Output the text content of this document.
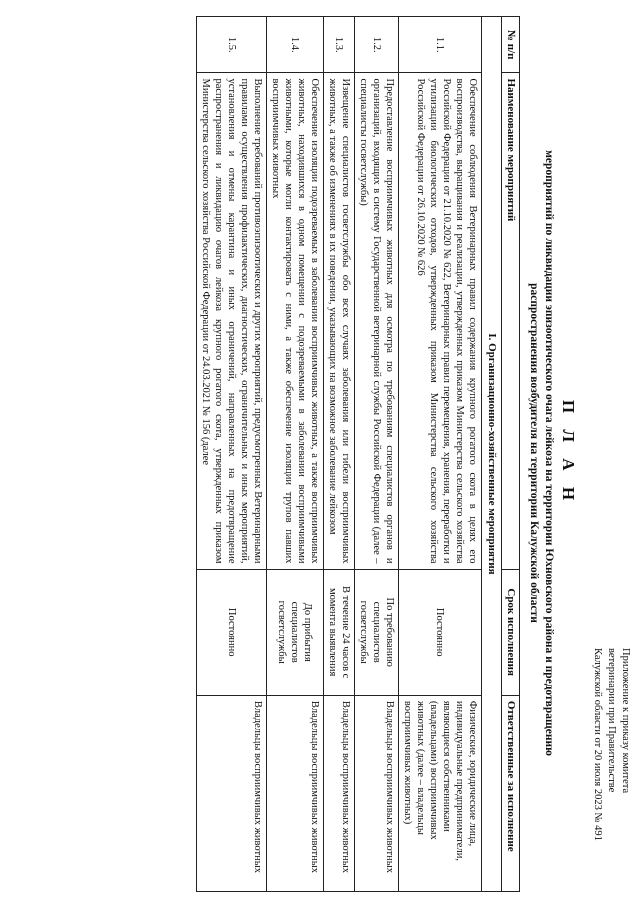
Приложение к приказу комитета
ветеринарии при Правительстве
Калужской области от 20 июля 2023 № 491
П Л А Н
мероприятий по ликвидации эпизоотического очага лейкоза на территории Юхновского района и предотвращению
распространения возбудителя на территории Калужской области
№ п/п	Наименование мероприятий	Срок исполнения	Ответственные за исполнение
I. Организационно-хозяйственные мероприятия			
1.1.	Обеспечение соблюдения Ветеринарных правил содержания крупного рогатого скота в целях его воспроизводства, выращивания и реализации, утвержденных приказом Министерства сельского хозяйства Российской Федерации от 21.10.2020 № 622, Ветеринарных правил перемещения, хранения, переработки и утилизации биологических отходов, утвержденных приказом Министерства сельского хозяйства Российской Федерации от 26.10.2020 № 626	Постоянно	Физические, юридические лица, индивидуальные предприниматели, являющиеся собственниками (владельцами) восприимчивых животных (далее – владельцы восприимчивых животных)
1.2.	Предоставление восприимчивых животных для осмотра по требованиям специалистов органов и организаций, входящих в систему Государственной ветеринарной службы Российской Федерации (далее – специалисты госветслужбы)	По требованию специалистов госветслужбы	Владельцы восприимчивых животных
1.3.	Извещение специалистов госветслужбы обо всех случаях заболевания или гибели восприимчивых животных, а также об изменениях в их поведении, указывающих на возможное заболевание лейкозом	В течение 24 часов с момента выявления	Владельцы восприимчивых животных
1.4.	Обеспечение изоляции подозреваемых в заболевании восприимчивых животных, а также восприимчивых животных, находившихся в одном помещении с подозреваемыми в заболевании восприимчивыми животными, которые могли контактировать с ними, а также обеспечение изоляции трупов павших восприимчивых животных	До прибытия специалистов госветслужбы	Владельцы восприимчивых животных
1.5.	Выполнение требований противоэпизоотических и других мероприятий, предусмотренных Ветеринарными правилами осуществления профилактических, диагностических, ограничительных и иных мероприятий, установления и отмены карантина и иных ограничений, направленных на предотвращение распространения и ликвидацию очагов лейкоза крупного рогатого скота, утвержденных приказом Министерства сельского хозяйства Российской Федерации от 24.03.2021 № 156 (далее	Постоянно	Владельцы восприимчивых животных
